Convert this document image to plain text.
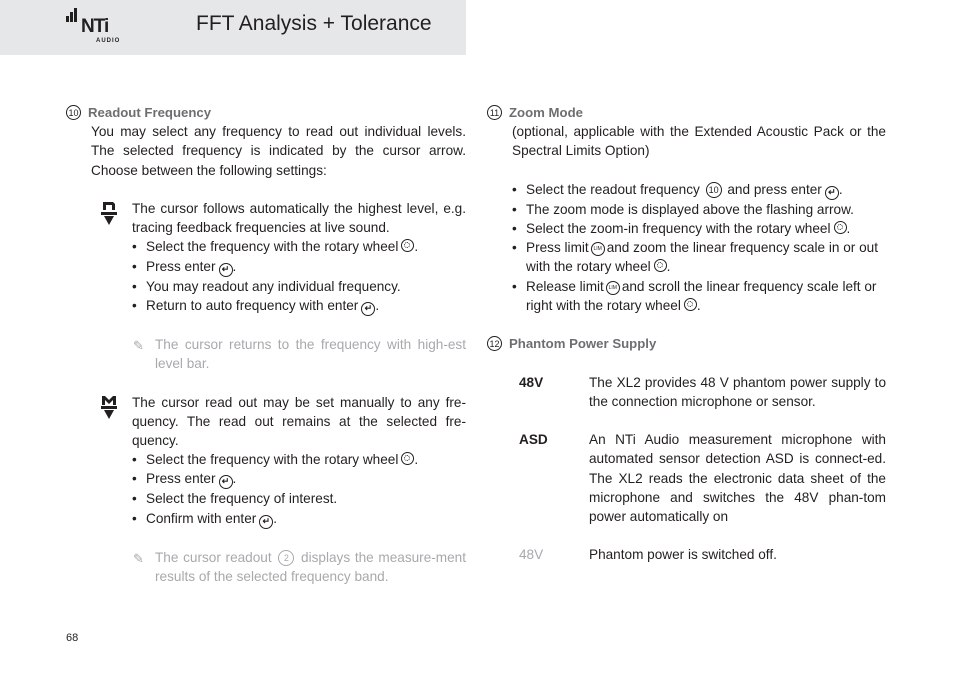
NTi
AUDIO
FFT Analysis + Tolerance
10 Readout Frequency
You may select any frequency to read out individual levels. The selected frequency is indicated by the cursor arrow. Choose between the following settings:
The cursor follows automatically the highest level, e.g. tracing feedback frequencies at live sound.
• Select the frequency with the rotary wheel .
• Press enter ↵ .
• You may readout any individual frequency.
• Return to auto frequency with enter ↵ .
✎ The cursor returns to the frequency with high-est level bar.
The cursor read out may be set manually to any fre-quency. The read out remains at the selected fre-quency.
• Select the frequency with the rotary wheel .
• Press enter ↵ .
• Select the frequency of interest.
• Confirm with enter ↵ .
✎ The cursor readout 2 displays the measure-ment results of the selected frequency band.
11 Zoom Mode
(optional, applicable with the Extended Acoustic Pack or the Spectral Limits Option)
• Select the readout frequency 10 and press enter ↵ .
• The zoom mode is displayed above the flashing arrow.
• Select the zoom-in frequency with the rotary wheel .
• Press limit LIM and zoom the linear frequency scale in or out with the rotary wheel .
• Release limit LIM and scroll the linear frequency scale left or right with the rotary wheel .
12 Phantom Power Supply
48V	The XL2 provides 48 V phantom power supply to the connection microphone or sensor.
ASD	An NTi Audio measurement microphone with automated sensor detection ASD is connect-ed. The XL2 reads the electronic data sheet of the microphone and switches the 48V phan-tom power automatically on
48V	Phantom power is switched off.
68
